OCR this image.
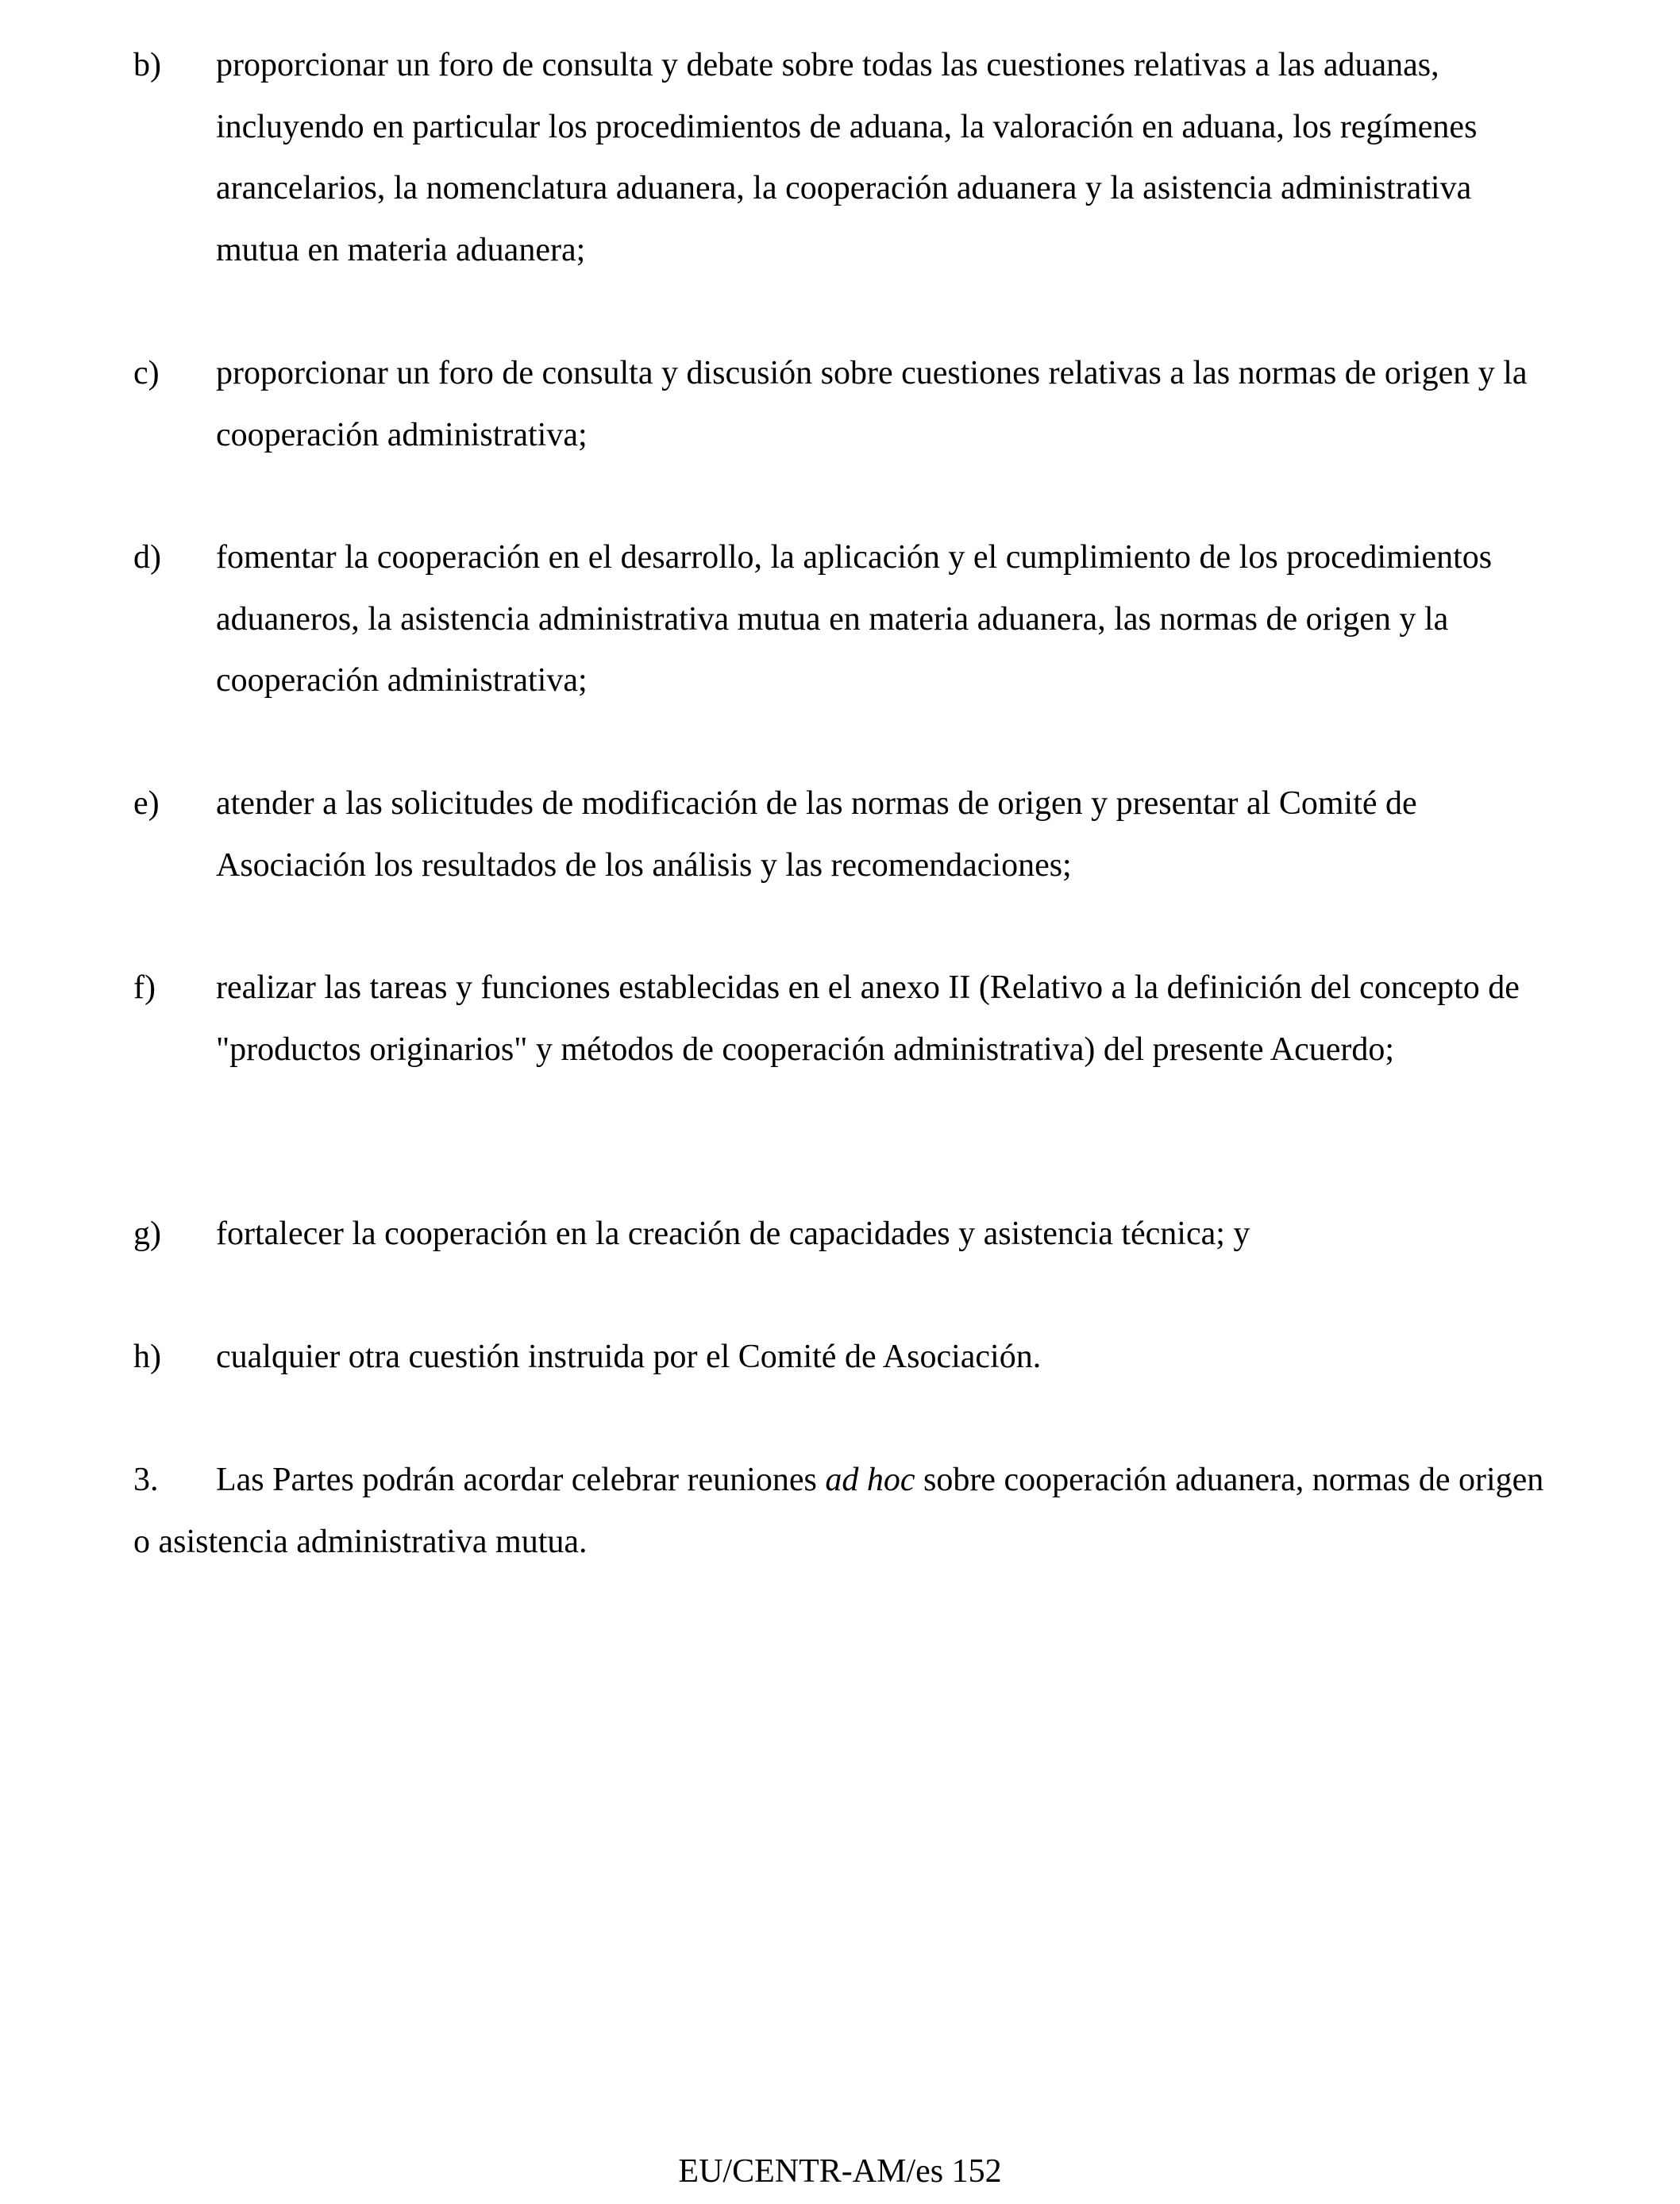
b) proporcionar un foro de consulta y debate sobre todas las cuestiones relativas a las aduanas, incluyendo en particular los procedimientos de aduana, la valoración en aduana, los regímenes arancelarios, la nomenclatura aduanera, la cooperación aduanera y la asistencia administrativa mutua en materia aduanera;
c) proporcionar un foro de consulta y discusión sobre cuestiones relativas a las normas de origen y la cooperación administrativa;
d) fomentar la cooperación en el desarrollo, la aplicación y el cumplimiento de los procedimientos aduaneros, la asistencia administrativa mutua en materia aduanera, las normas de origen y la cooperación administrativa;
e) atender a las solicitudes de modificación de las normas de origen y presentar al Comité de Asociación los resultados de los análisis y las recomendaciones;
f) realizar las tareas y funciones establecidas en el anexo II (Relativo a la definición del concepto de "productos originarios" y métodos de cooperación administrativa) del presente Acuerdo;
g) fortalecer la cooperación en la creación de capacidades y asistencia técnica; y
h) cualquier otra cuestión instruida por el Comité de Asociación.
3. Las Partes podrán acordar celebrar reuniones ad hoc sobre cooperación aduanera, normas de origen o asistencia administrativa mutua.
EU/CENTR-AM/es 152
